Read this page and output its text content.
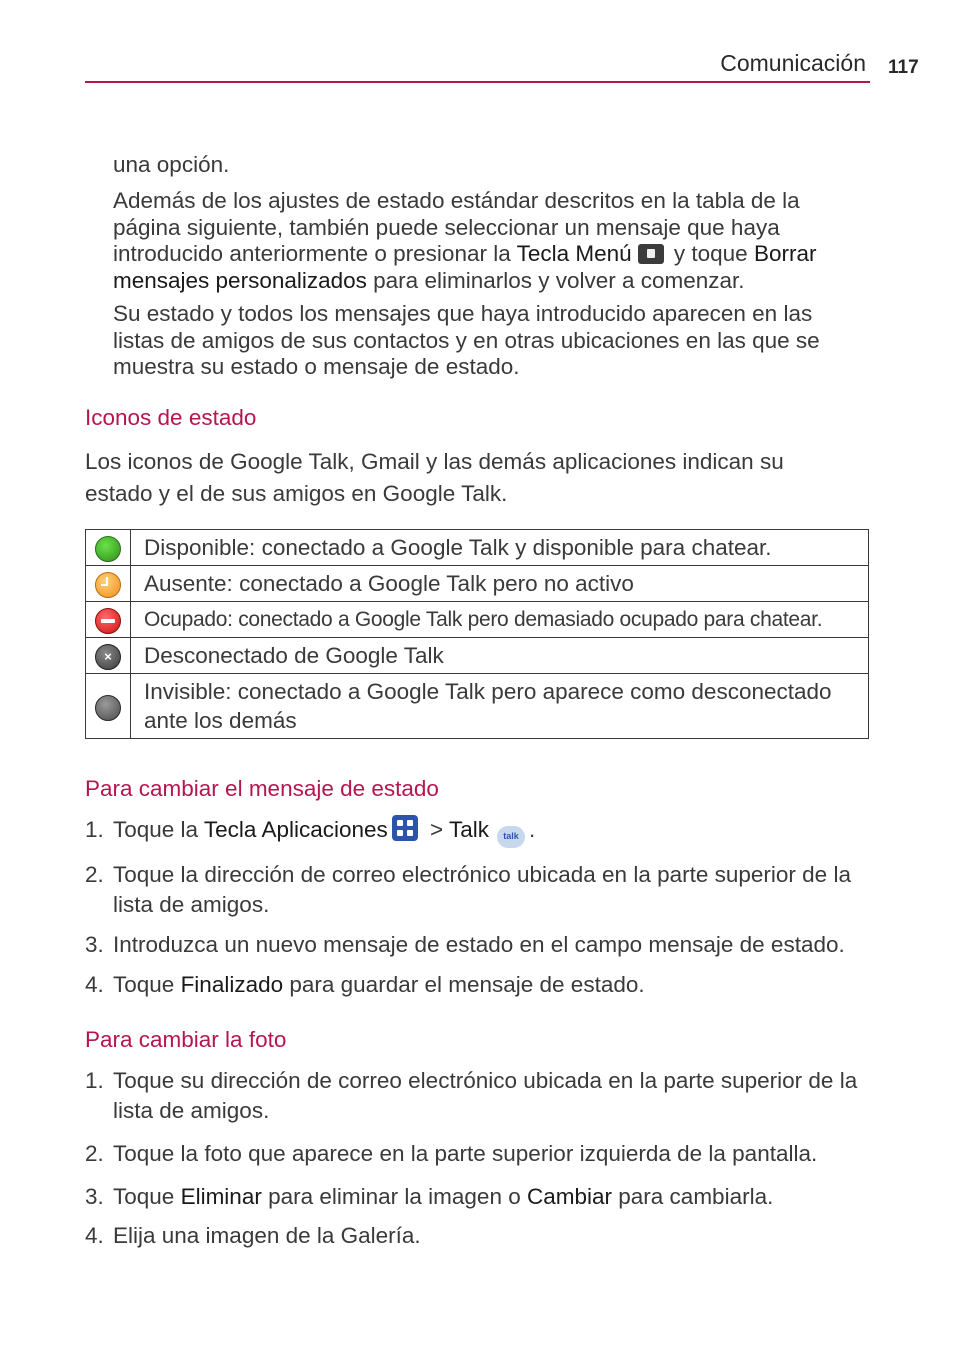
Comunicación 117

una opción.

Además de los ajustes de estado estándar descritos en la tabla de la página siguiente, también puede seleccionar un mensaje que haya introducido anteriormente o presionar la Tecla Menú y toque Borrar mensajes personalizados para eliminarlos y volver a comenzar.

Su estado y todos los mensajes que haya introducido aparecen en las listas de amigos de sus contactos y en otras ubicaciones en las que se muestra su estado o mensaje de estado.

Iconos de estado

Los iconos de Google Talk, Gmail y las demás aplicaciones indican su estado y el de sus amigos en Google Talk.

	Disponible: conectado a Google Talk y disponible para chatear.
	Ausente: conectado a Google Talk pero no activo
	Ocupado: conectado a Google Talk pero demasiado ocupado para chatear.
×	Desconectado de Google Talk
	Invisible: conectado a Google Talk pero aparece como desconectado ante los demás
Para cambiar el mensaje de estado
1. Toque la Tecla Aplicaciones
> Talk talk .
2. Toque la dirección de correo electrónico ubicada en la parte superior de la lista de amigos.
3. Introduzca un nuevo mensaje de estado en el campo mensaje de estado.
4. Toque Finalizado para guardar el mensaje de estado.
Para cambiar la foto
1. Toque su dirección de correo electrónico ubicada en la parte superior de la lista de amigos.
2. Toque la foto que aparece en la parte superior izquierda de la pantalla.
3. Toque Eliminar para eliminar la imagen o Cambiar para cambiarla.
4. Elija una imagen de la Galería.
